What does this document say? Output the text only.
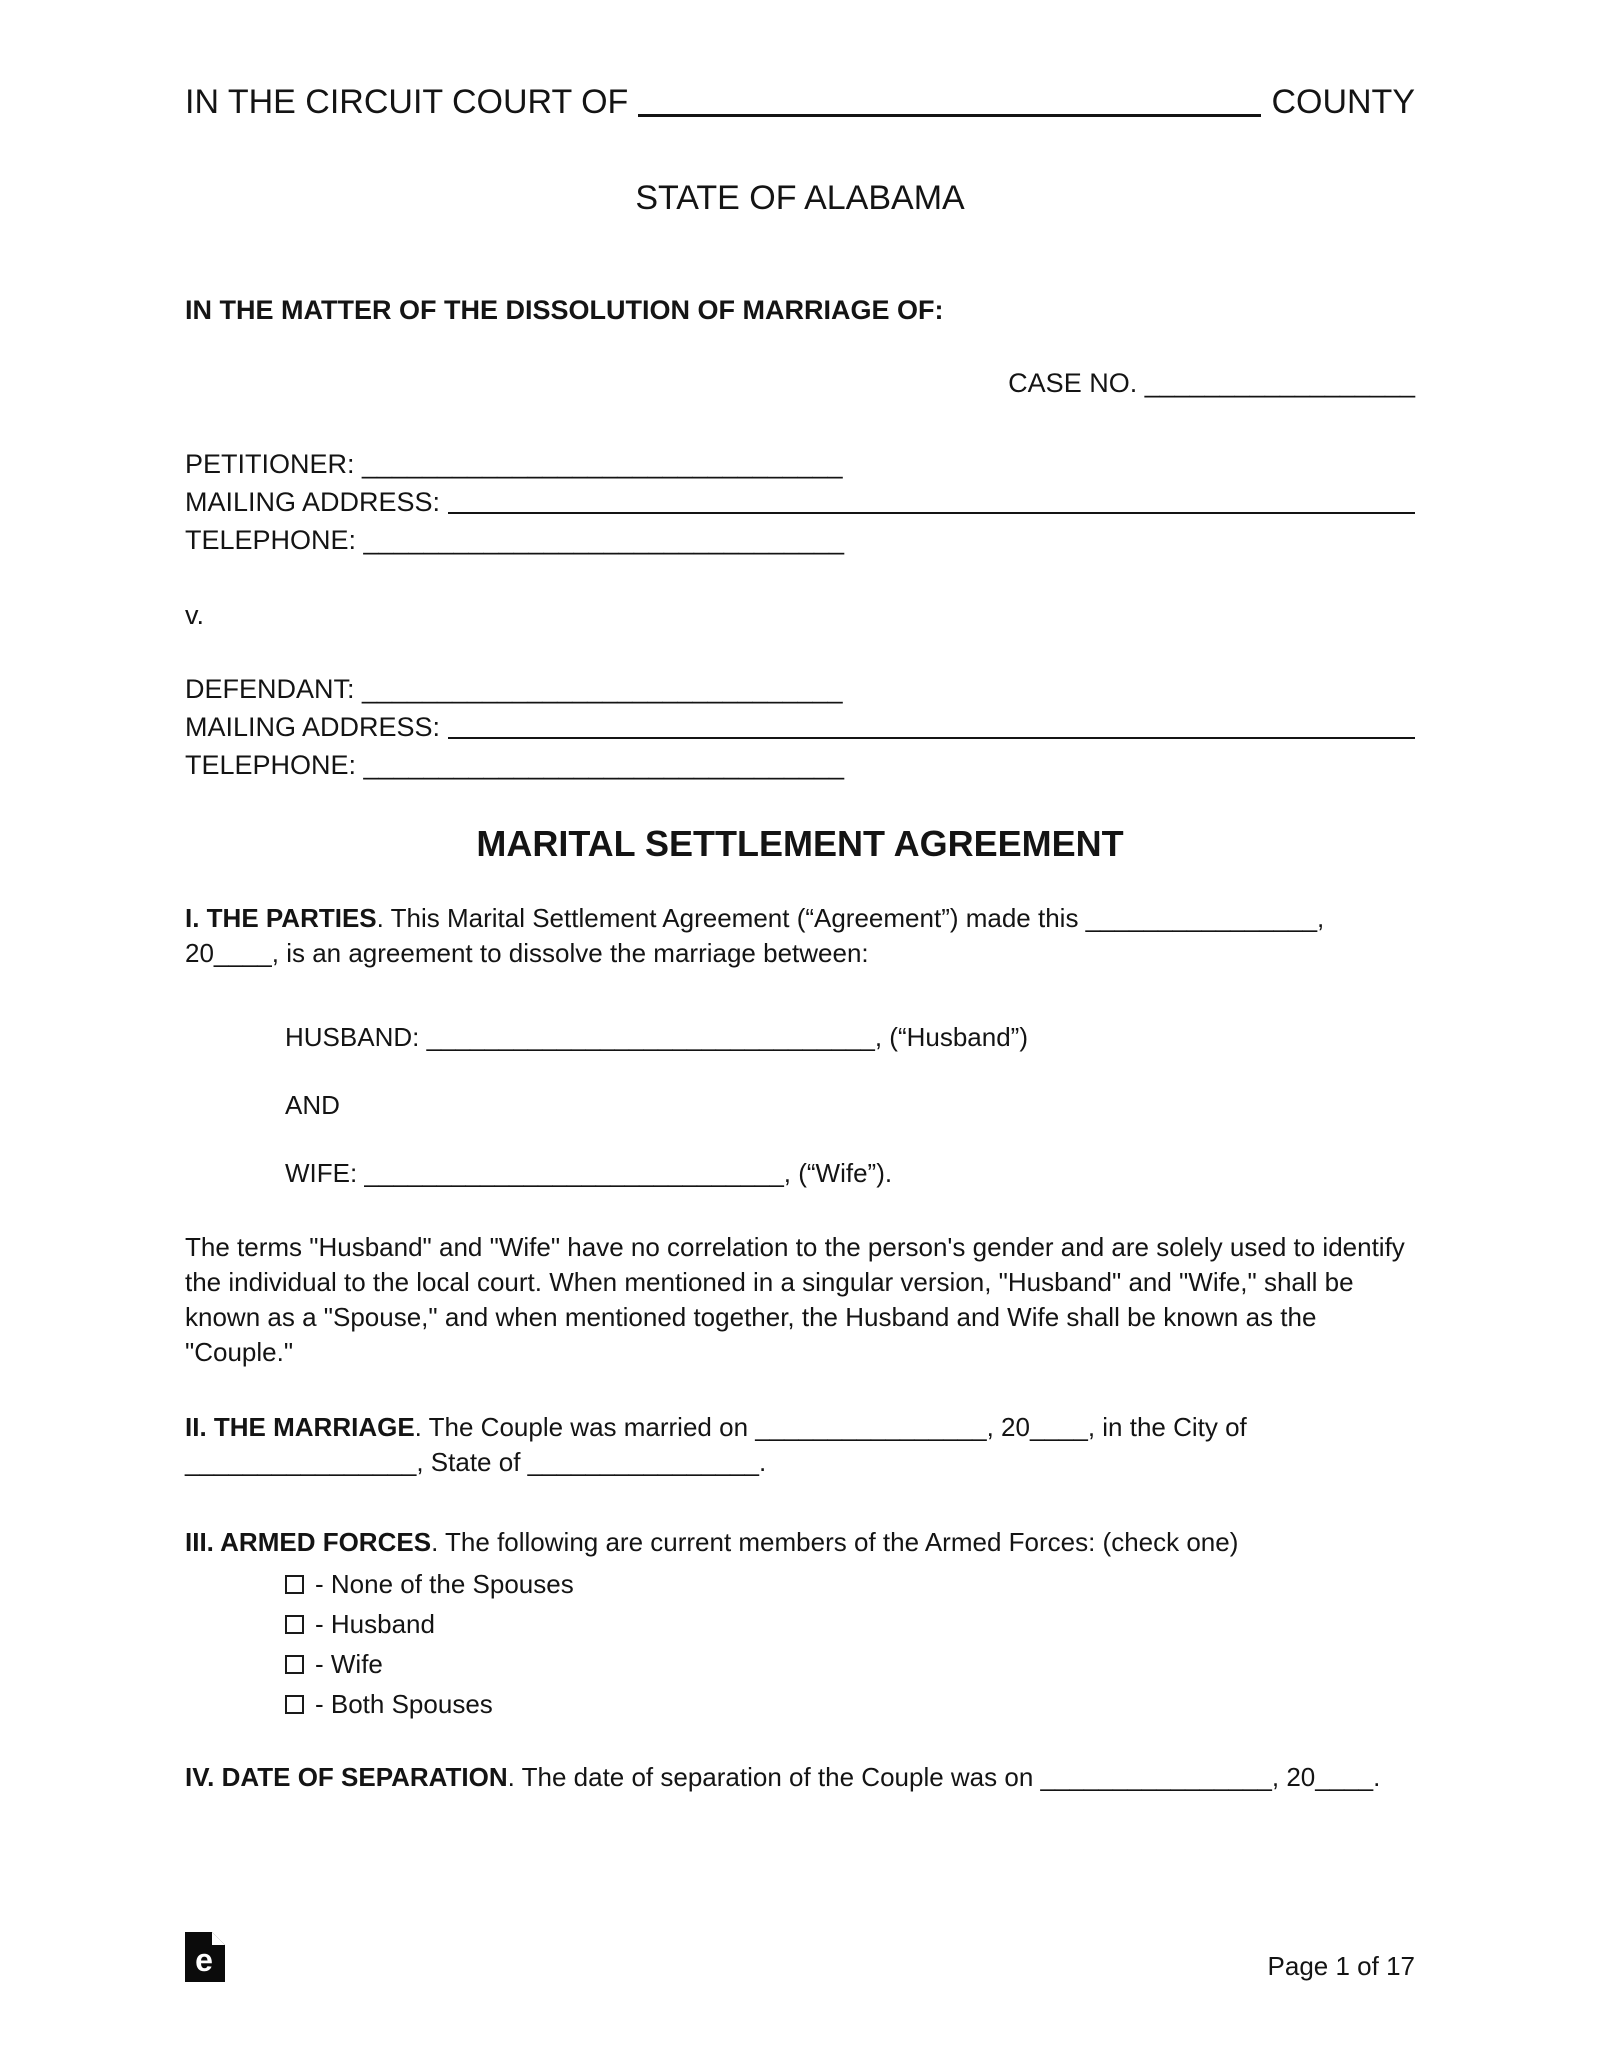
IN THE CIRCUIT COURT OF	COUNTY
STATE OF ALABAMA
IN THE MATTER OF THE DISSOLUTION OF MARRIAGE OF:
CASE NO. __________________
PETITIONER: ________________________________
MAILING ADDRESS:
TELEPHONE: ________________________________
v.
DEFENDANT: ________________________________
MAILING ADDRESS:
TELEPHONE: ________________________________
MARITAL SETTLEMENT AGREEMENT

I. THE PARTIES. This Marital Settlement Agreement (“Agreement”) made this ________________, 20____, is an agreement to dissolve the marriage between:

HUSBAND: _______________________________, (“Husband”)
AND
WIFE: _____________________________, (“Wife”).

The terms "Husband" and "Wife" have no correlation to the person's gender and are solely used to identify the individual to the local court. When mentioned in a singular version, "Husband" and "Wife," shall be known as a "Spouse," and when mentioned together, the Husband and Wife shall be known as the "Couple."

II. THE MARRIAGE. The Couple was married on ________________, 20____, in the City of ________________, State of ________________.

III. ARMED FORCES. The following are current members of the Armed Forces: (check one)

- None of the Spouses
- Husband
- Wife
- Both Spouses

IV. DATE OF SEPARATION. The date of separation of the Couple was on ________________, 20____.

e	Page 1 of 17
